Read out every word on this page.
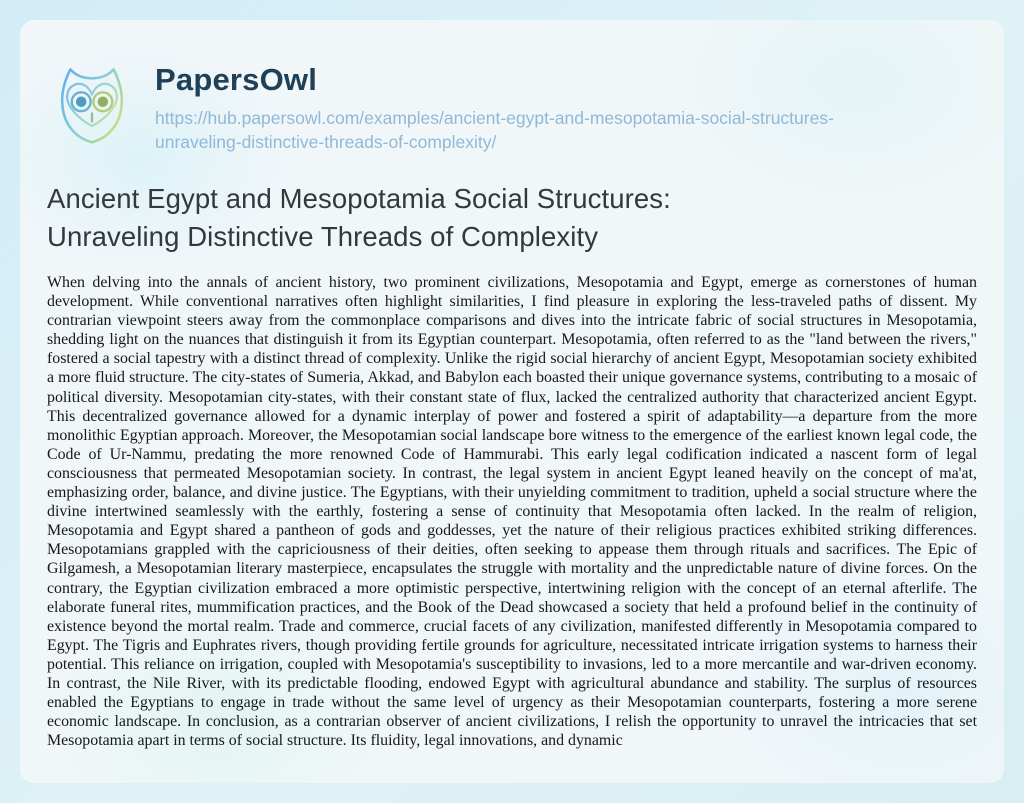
PapersOwl
https://hub.papersowl.com/examples/ancient-egypt-and-mesopotamia-social-structures-
unraveling-distinctive-threads-of-complexity/
Ancient Egypt and Mesopotamia Social Structures:
Unraveling Distinctive Threads of Complexity

When delving into the annals of ancient history, two prominent civilizations, Mesopotamia and Egypt, emerge as cornerstones of human development. While conventional narratives often highlight similarities, I find pleasure in exploring the less-traveled paths of dissent. My contrarian viewpoint steers away from the commonplace comparisons and dives into the intricate fabric of social structures in Mesopotamia, shedding light on the nuances that distinguish it from its Egyptian counterpart. Mesopotamia, often referred to as the "land between the rivers," fostered a social tapestry with a distinct thread of complexity. Unlike the rigid social hierarchy of ancient Egypt, Mesopotamian society exhibited a more fluid structure. The city-states of Sumeria, Akkad, and Babylon each boasted their unique governance systems, contributing to a mosaic of political diversity. Mesopotamian city-states, with their constant state of flux, lacked the centralized authority that characterized ancient Egypt. This decentralized governance allowed for a dynamic interplay of power and fostered a spirit of adaptability—a departure from the more monolithic Egyptian approach. Moreover, the Mesopotamian social landscape bore witness to the emergence of the earliest known legal code, the Code of Ur-Nammu, predating the more renowned Code of Hammurabi. This early legal codification indicated a nascent form of legal consciousness that permeated Mesopotamian society. In contrast, the legal system in ancient Egypt leaned heavily on the concept of ma'at, emphasizing order, balance, and divine justice. The Egyptians, with their unyielding commitment to tradition, upheld a social structure where the divine intertwined seamlessly with the earthly, fostering a sense of continuity that Mesopotamia often lacked. In the realm of religion, Mesopotamia and Egypt shared a pantheon of gods and goddesses, yet the nature of their religious practices exhibited striking differences. Mesopotamians grappled with the capriciousness of their deities, often seeking to appease them through rituals and sacrifices. The Epic of Gilgamesh, a Mesopotamian literary masterpiece, encapsulates the struggle with mortality and the unpredictable nature of divine forces. On the contrary, the Egyptian civilization embraced a more optimistic perspective, intertwining religion with the concept of an eternal afterlife. The elaborate funeral rites, mummification practices, and the Book of the Dead showcased a society that held a profound belief in the continuity of existence beyond the mortal realm. Trade and commerce, crucial facets of any civilization, manifested differently in Mesopotamia compared to Egypt. The Tigris and Euphrates rivers, though providing fertile grounds for agriculture, necessitated intricate irrigation systems to harness their potential. This reliance on irrigation, coupled with Mesopotamia's susceptibility to invasions, led to a more mercantile and war-driven economy. In contrast, the Nile River, with its predictable flooding, endowed Egypt with agricultural abundance and stability. The surplus of resources enabled the Egyptians to engage in trade without the same level of urgency as their Mesopotamian counterparts, fostering a more serene economic landscape. In conclusion, as a contrarian observer of ancient civilizations, I relish the opportunity to unravel the intricacies that set Mesopotamia apart in terms of social structure. Its fluidity, legal innovations, and dynamic
